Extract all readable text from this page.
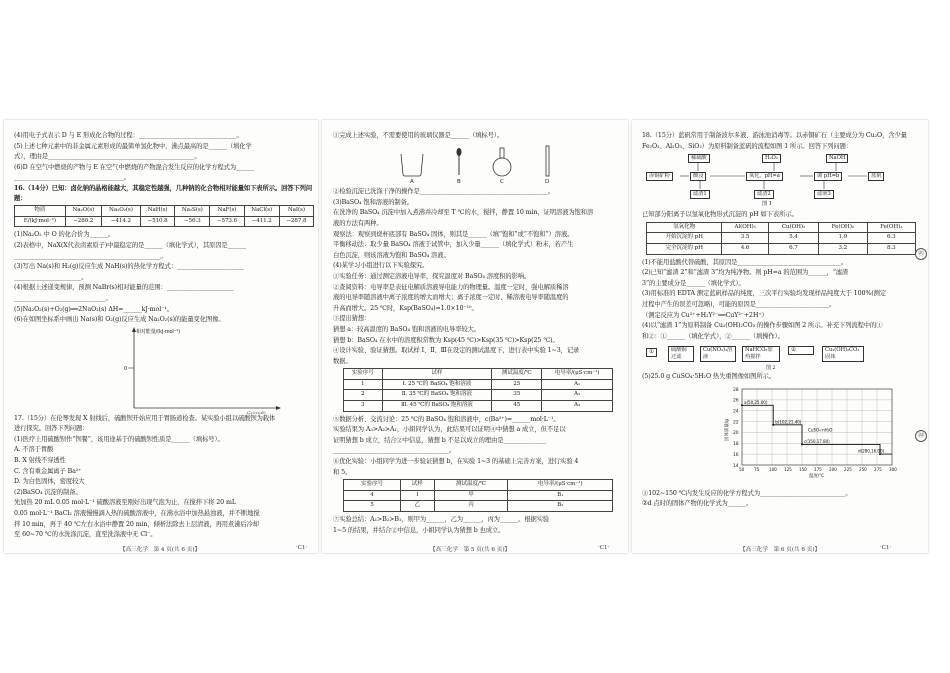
(4)用电子式表示 D 与 E 形成化合物的过程：________________________________。

(5)上述七种元素中的非金属元素形成的最简单氢化物中，沸点最高的是______（填化学

式），理由是________________________________________________。

(6)D 在空气中燃烧的产物与 E 在空气中燃烧的产物混合发生反应的化学方程式为______

____________________________________。

16.（14分）已知：卤化钠的晶格能越大，其稳定性越强，几种钠的化合物相对能量如下表所示。回答下列问题：

物质	Na₂O(s)	Na₂O₂(s)	NaH(s)	Na₂S(s)	NaF(s)	NaCl(s)	NaI(s)
E/(kJ·mol⁻¹)	−280.2	−414.2	−510.8	−56.3	−573.6	−411.2	−287.8

(1)Na₂O₂ 中 O 的化合价为______。

(2)表格中，NaX(X代表卤素原子)中最稳定的是______（填化学式），其原因是______

________________________________________________。

(3)写出 Na(s)和 H₂(g)反应生成 NaH(s)的热化学方程式：______________________

______________________。

(4)根据上述递变规律，预测 NaBr(s)相对能量的范围：______________________

______________________________。

(5)Na₂O₂(s)+O₂(g)══2NaO₂(s) ΔH=______kJ·mol⁻¹。

(6)在如图坐标系中画出 Na(s)和 O₂(g)反应生成 Na₂O₂(s)的能量变化图像。

相对能量/(kJ·mol⁻¹)
0

17.（15分）在伦琴发现 X 射线后，硫酸钡开始应用于胃肠道检查。某实验小组以硫酸钡为载体

进行探究。回答下列问题：

(1)医疗上用硫酸钡作“钡餐”，该用途基于的硫酸钡性质是______（填标号）。

A. 不溶于胃酸

B. X 射线不穿透性

C. 含有重金属离子 Ba²⁺

D. 为白色固体，密度较大

(2)BaSO₄ 沉淀的制备。

先加热 20 mL 0.05 mol·L⁻¹ 硫酸溶液至刚好出现气泡为止，在搅拌下将 20 mL

0.05 mol·L⁻¹ BaCl₂ 溶液慢慢滴入热的硫酸溶液中，在沸水浴中加热悬浊液，并不断地搅

拌 10 min，再于 40 ℃左右水浴中静置 20 min，倾析法除去上层清液，再用煮沸后冷却

至 60~70 ℃的水洗涤沉淀，直至洗涤液中无 Cl⁻。

【高三化学　第 4 页(共 6 页)】	·C1·

①完成上述实验，不需要使用的玻璃仪器是______（填标号）。

A	B	C	D

②检验沉淀已洗涤干净的操作是__________________________________________。

(3)BaSO₄ 饱和溶液的制备。

在洗净的 BaSO₄ 沉淀中加入煮沸并冷却至 T ℃的水，搅拌，静置 10 min，证明溶液为饱和溶

液的方法有两种。

观察法：观察到烧杯底部有 BaSO₄ 固体，则其是______（填“饱和”或“不饱和”）溶液。

平衡移动法：取少量 BaSO₄ 溶液于试管中，加入少量______（填化学式）粉末，若产生

白色沉淀，则该溶液为饱和 BaSO₄ 溶液。

(4)某学习小组进行以下实验探究。

①实验任务：通过测定溶液电导率，探究温度对 BaSO₄ 溶度积的影响。

②查阅资料：电导率是表征电解质溶液导电能力的物理量。温度一定时，强电解质稀溶

液的电导率随溶液中离子浓度的增大而增大；离子浓度一定时，稀溶液电导率随温度的

升高而增大。25 ℃时，Ksp(BaSO₄)=1.0×10⁻¹⁰。

③提出猜想：

猜想 a：较高温度的 BaSO₄ 饱和溶液的电导率较大。

猜想 b：BaSO₄ 在水中的溶度积常数为 Ksp(45 ℃)>Ksp(35 ℃)>Ksp(25 ℃)。

④设计实验、验证猜想。取试样 Ⅰ、Ⅱ、Ⅲ在设定的测试温度下，进行表中实验 1~3，记录

数据。

实验序号	试样	测试温度/℃	电导率/(μS·cm⁻¹)
1	Ⅰ. 25 ℃的 BaSO₄ 饱和溶液	25	A₁
2	Ⅱ. 35 ℃的 BaSO₄ 饱和溶液	35	A₂
3	Ⅲ. 45 ℃的 BaSO₄ 饱和溶液	45	A₃

⑤数据分析、交流讨论：25 ℃的 BaSO₄ 饱和溶液中，c(Ba²⁺)=______mol·L⁻¹。

实验结果为 A₃>A₂>A₁，小組同学认为，此结果可以证明④中猜想 a 成立，但不足以

证明猜想 b 成立，结合②中信息，猜想 b 不足以成立的理由是______________

______________________________________。

⑥优化实验：小组同学为进一步验证猜想 b，在实验 1~3 的基础上完善方案，进行实验 4

和 5。

实验序号	试样	测试温度/℃	电导率/(μS·cm⁻¹)
4	Ⅰ	甲	B₁
5	乙	丙	B₂

⑦实验总结：A₁>B₂>B₁，则甲为______，乙为______，丙为______。根据实验

1~5 的结果，并结合②中信息，小組同学认为猜想 b 也成立。

【高三化学　第 5 页(共 6 页)】	·C1·

18.（15分）蓝矾常用于制备波尔多液、游泳池消毒等。以赤铜矿石（主要成分为 Cu₂O，含少量

Fe₂O₃、Al₂O₃、SiO₂）为原料制备蓝矾的流程如图 1 所示。回答下列问题：

稀硫酸	H₂O₂	NaOH
赤铜矿粉	酸浸	氧化、pH=a	调 pH=b	蓝矾
滤渣1	滤渣2	滤液3
图 1

已知部分阳离子以氢氧化物形式沉淀的 pH 如下表所示。

氢氧化物	Al(OH)₃	Cu(OH)₂	Fe(OH)₂	Fe(OH)₃
开始沉淀的 pH	3.5	5.4	1.9	6.3
完全沉淀的 pH	4.6	6.7	3.2	8.3

(1)不能用盐酸代替硫酸，其原因是__________________________________。

(2)已知“滤渣 2”和“滤渣 3”均为纯净物。则 pH=a 的范围为______，“滤渣

3”的主要成分是______（填化学式）。

(3)用标准的 EDTA 测定蓝矾样品的纯度，三次平行实验均发现样品纯度大于 100%(测定

过程中产生的误差可忽略)，可能的原因是________________________。

（测定反应为 Cu²⁺+H₂Y²⁻══CuY²⁻+2H⁺）

(4)以“滤渣 1”为原料制备 Cu₂(OH)₂CO₃ 的操作步骤如图 2 所示。补充下列流程中的①

和②：①______（填化学式），②______（填操作）。

硫酸铜过滤
①	Cu(NO₃)₂溶液
NaHCO₃加热搅拌
②	Cu₂(OH)₂CO₃固体
图 2

(5)25.0 g CuSO₄·5H₂O 热失重图像如图所示。

28
26
24
22
20
18
16
14
50 75 100 125 150 175 200 225 250 275 300
a(50,25.00)
b(102,21.40)
c(150,17.80)
d(280,16.00)
CuSO₄·nH₂O
固体质量/g
温度/℃

①102~150 ℃内发生反应的化学方程式为____________________________。

②d 点时的固体产物的化学式为______。

㉑
㉒
【高三化学　第 6 页(共 6 页)】	·C1·
